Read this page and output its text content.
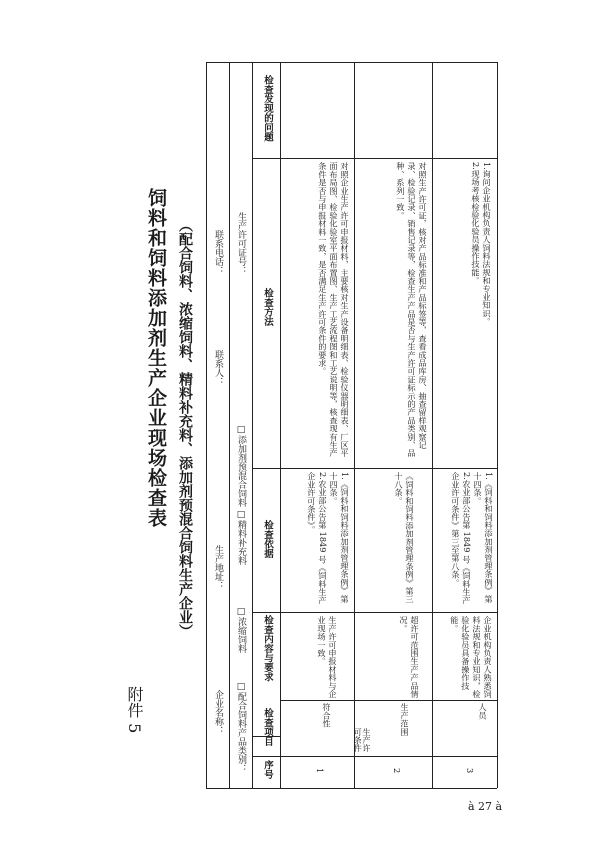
附件 5
饲料和饲料添加剂生产企业现场检查表 （配合饲料、浓缩饲料、精料补充料、添加剂预混合饲料生产企业）
企业名称：
生产地址：
联系人：
联系电话：
产品类别：
□配合饲料
□浓缩饲料
□精料补充料
□添加剂预混合饲料
生产许可证号：
序号
检查项目
检查内容与要求
检查依据
检查方法
检查发现的问题
生产许可条件
1
符合性
生产许可申报材料与企业现场一致。
1.《饲料和饲料添加剂管理条例》第十四条。
2.农业部公告第 1849 号《饲料生产企业许可条件》。
对照企业生产许可申报材料，主要核对生产设备明细表、检验仪器明细表、厂区平面布局图、检验化验室平面布置图、生产工艺流程图和工艺说明等，核查现有生产条件是否与申报材料一致，是否满足生产许可条件的要求。
2
生产范围
超许可范围生产产品情况。
《饲料和饲料添加剂管理条例》第三十八条。
对照生产许可证，核对产品标准和产品标签等，查看成品库房、抽查留样观察记录、检验记录、销售记录等，检查生产产品是否与生产许可证标示的产品类别、品种、系列一致。
3
人员
企业机构负责人熟悉饲料法规和专业知识，检验化验员具备操作技能。
1.《饲料和饲料添加剂管理条例》第十四条。
2.农业部公告第 1849 号《饲料生产企业许可条件》第三至第八条。
1.询问企业机构负责人饲料法规和专业知识。
2.现场考核检验化验员操作技能。
à 27 à
